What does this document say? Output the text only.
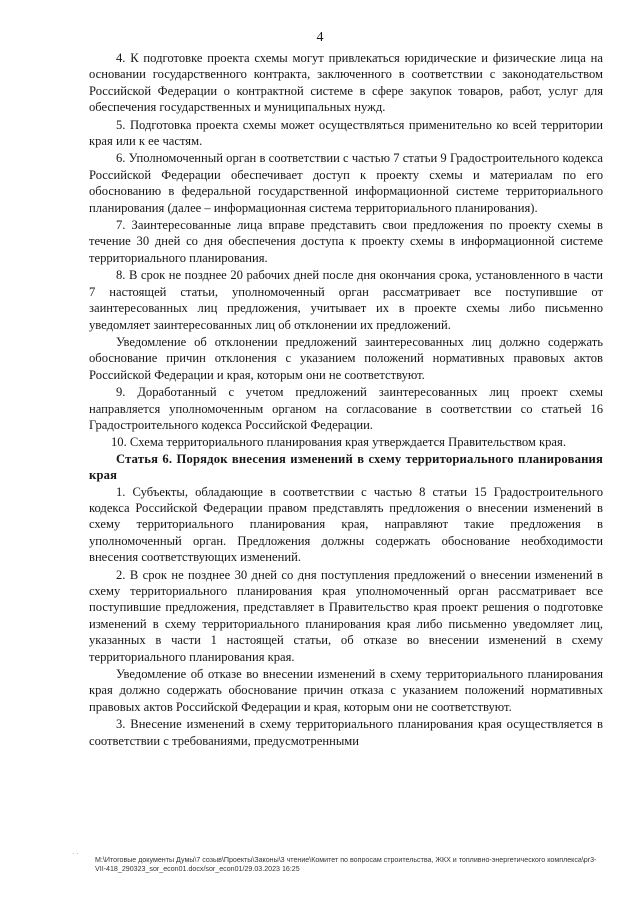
4

4. К подготовке проекта схемы могут привлекаться юридические и физические лица на основании государственного контракта, заключенного в соответствии с законодательством Российской Федерации о контрактной системе в сфере закупок товаров, работ, услуг для обеспечения государственных и муниципальных нужд.

5. Подготовка проекта схемы может осуществляться применительно ко всей территории края или к ее частям.

6. Уполномоченный орган в соответствии с частью 7 статьи 9 Градостроительного кодекса Российской Федерации обеспечивает доступ к проекту схемы и материалам по его обоснованию в федеральной государственной информационной системе территориального планирования (далее – информационная система территориального планирования).

7. Заинтересованные лица вправе представить свои предложения по проекту схемы в течение 30 дней со дня обеспечения доступа к проекту схемы в информационной системе территориального планирования.

8. В срок не позднее 20 рабочих дней после дня окончания срока, установленного в части 7 настоящей статьи, уполномоченный орган рассматривает все поступившие от заинтересованных лиц предложения, учитывает их в проекте схемы либо письменно уведомляет заинтересованных лиц об отклонении их предложений.

Уведомление об отклонении предложений заинтересованных лиц должно содержать обоснование причин отклонения с указанием положений нормативных правовых актов Российской Федерации и края, которым они не соответствуют.

9. Доработанный с учетом предложений заинтересованных лиц проект схемы направляется уполномоченным органом на согласование в соответствии со статьей 16 Градостроительного кодекса Российской Федерации.

10. Схема территориального планирования края утверждается Правительством края.

Статья 6. Порядок внесения изменений в схему территориального планирования края

1. Субъекты, обладающие в соответствии с частью 8 статьи 15 Градостроительного кодекса Российской Федерации правом представлять предложения о внесении изменений в схему территориального планирования края, направляют такие предложения в уполномоченный орган. Предложения должны содержать обоснование необходимости внесения соответствующих изменений.

2. В срок не позднее 30 дней со дня поступления предложений о внесении изменений в схему территориального планирования края уполномоченный орган рассматривает все поступившие предложения, представляет в Правительство края проект решения о подготовке изменений в схему территориального планирования края либо письменно уведомляет лиц, указанных в части 1 настоящей статьи, об отказе во внесении изменений в схему территориального планирования края.

Уведомление об отказе во внесении изменений в схему территориального планирования края должно содержать обоснование причин отказа с указанием положений нормативных правовых актов Российской Федерации и края, которым они не соответствуют.

3. Внесение изменений в схему территориального планирования края осуществляется в соответствии с требованиями, предусмотренными

· ·
M:\Итоговые документы Думы\7 созыв\Проекты\Законы\3 чтение\Комитет по вопросам строительства, ЖКХ и топливно-энергетического комплекса\pr3-VII-418_290323_sor_econ01.docx/sor_econ01/29.03.2023 16:25
